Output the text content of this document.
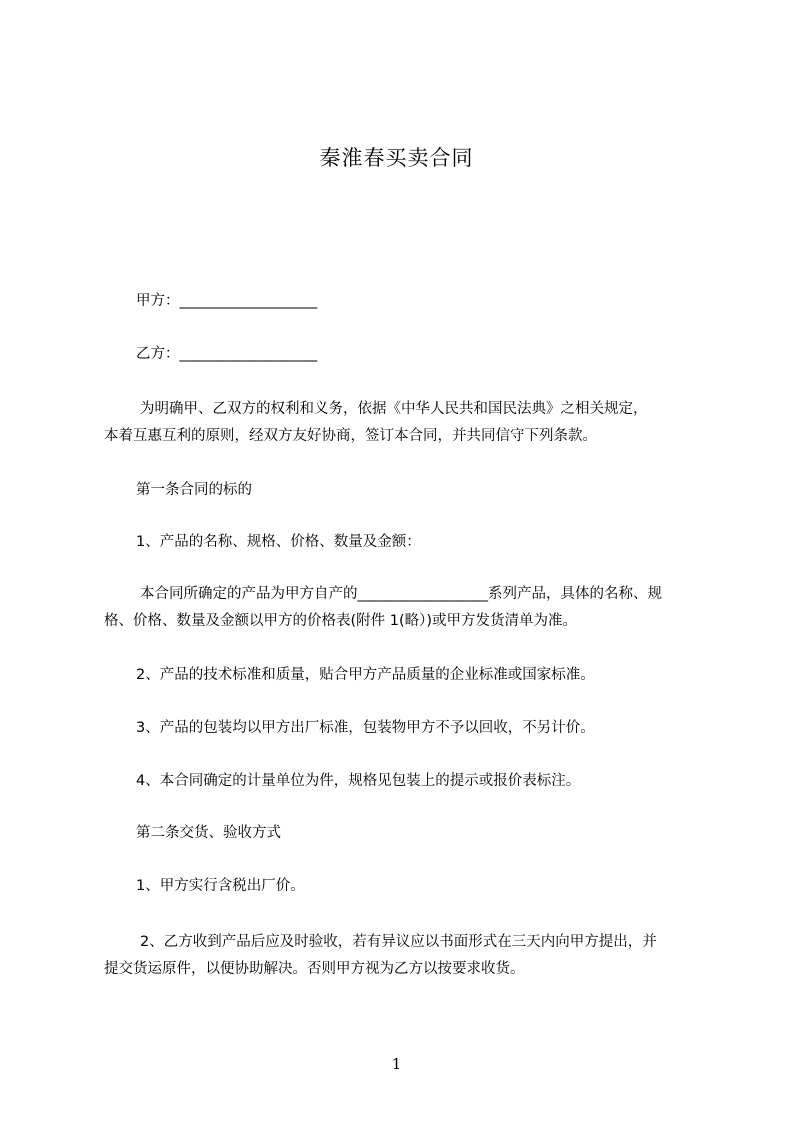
秦淮春买卖合同
甲方：___________________
乙方：___________________
为明确甲、乙双方的权利和义务，依据《中华人民共和国民法典》之相关规定，
本着互惠互利的原则，经双方友好协商，签订本合同，并共同信守下列条款。
第一条合同的标的
1、产品的名称、规格、价格、数量及金额：
本合同所确定的产品为甲方自产的__________________系列产品，具体的名称、规
格、价格、数量及金额以甲方的价格表(附件 1(略）)或甲方发货清单为准。
2、产品的技术标准和质量，贴合甲方产品质量的企业标准或国家标准。
3、产品的包装均以甲方出厂标准，包装物甲方不予以回收，不另计价。
4、本合同确定的计量单位为件，规格见包装上的提示或报价表标注。
第二条交货、验收方式
1、甲方实行含税出厂价。
2、乙方收到产品后应及时验收，若有异议应以书面形式在三天内向甲方提出，并
提交货运原件，以便协助解决。否则甲方视为乙方以按要求收货。
1
